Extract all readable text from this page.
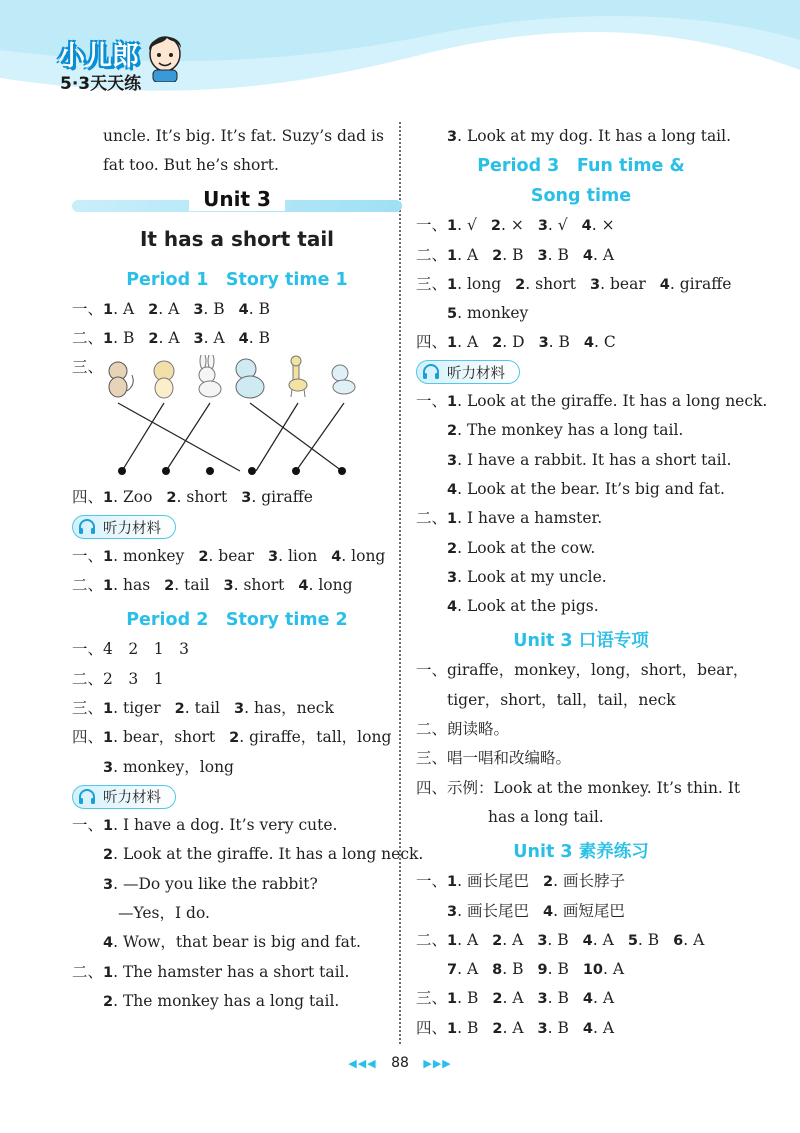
小儿郎
5·3天天练
uncle. It’s big. It’s fat. Suzy’s dad is
fat too. But he’s short.
Unit 3
It has a short tail
Period 1　Story time 1
一、1. A 2. A 3. B 4. B
二、1. B 2. A 3. A 4. B
三、
四、1. Zoo 2. short 3. giraffe
听力材料
一、1. monkey 2. bear 3. lion 4. long
二、1. has 2. tail 3. short 4. long
Period 2　Story time 2
一、4　2　1　3
二、2　3　1
三、1. tiger 2. tail 3. has，neck
四、1. bear，short 2. giraffe，tall，long
3. monkey，long
听力材料
一、1. I have a dog. It’s very cute.
2. Look at the giraffe. It has a long neck.
3. —Do you like the rabbit?
—Yes，I do.
4. Wow，that bear is big and fat.
二、1. The hamster has a short tail.
2. The monkey has a long tail.
3. Look at my dog. It has a long tail.
Period 3　Fun time &
Song time
一、1. √ 2. × 3. √ 4. ×
二、1. A 2. B 3. B 4. A
三、1. long 2. short 3. bear 4. giraffe
5. monkey
四、1. A 2. D 3. B 4. C
听力材料
一、1. Look at the giraffe. It has a long neck.
2. The monkey has a long tail.
3. I have a rabbit. It has a short tail.
4. Look at the bear. It’s big and fat.
二、1. I have a hamster.
2. Look at the cow.
3. Look at my uncle.
4. Look at the pigs.
Unit 3 口语专项
一、giraffe，monkey，long，short，bear，
tiger，short，tall，tail，neck
二、朗读略。
三、唱一唱和改编略。
四、示例：Look at the monkey. It’s thin. It
has a long tail.
Unit 3 素养练习
一、1. 画长尾巴 2. 画长脖子
3. 画长尾巴 4. 画短尾巴
二、1. A 2. A 3. B 4. A 5. B 6. A
7. A 8. B 9. B 10. A
三、1. B 2. A 3. B 4. A
四、1. B 2. A 3. B 4. A
◀◀◀ 88 ▶▶▶
